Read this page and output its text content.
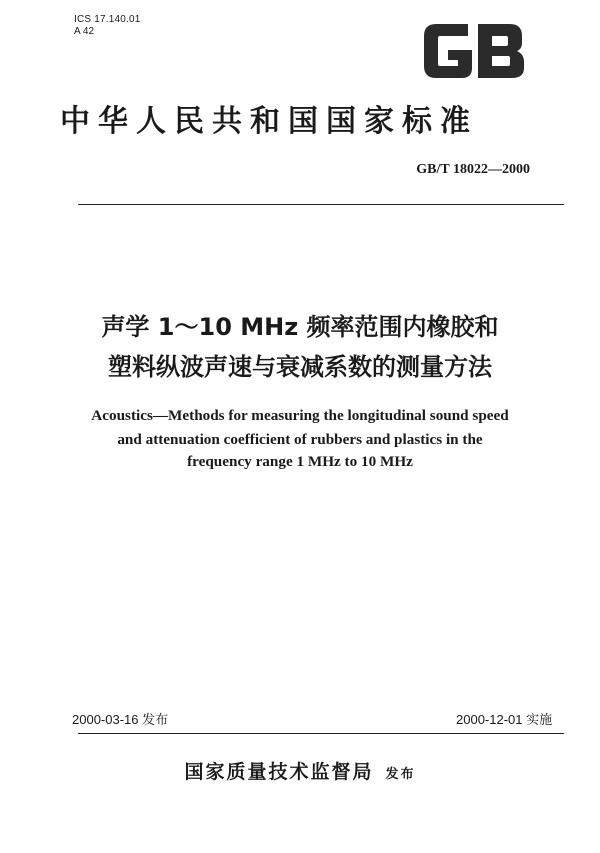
ICS 17.140.01
A 42
中华人民共和国国家标准
GB/T 18022—2000
声学 1～10 MHz 频率范围内橡胶和
塑料纵波声速与衰减系数的测量方法
Acoustics—Methods for measuring the longitudinal sound speed
and attenuation coefficient of rubbers and plastics in the
frequency range 1 MHz to 10 MHz
2000-03-16 发布	2000-12-01 实施
国家质量技术监督局 发布
